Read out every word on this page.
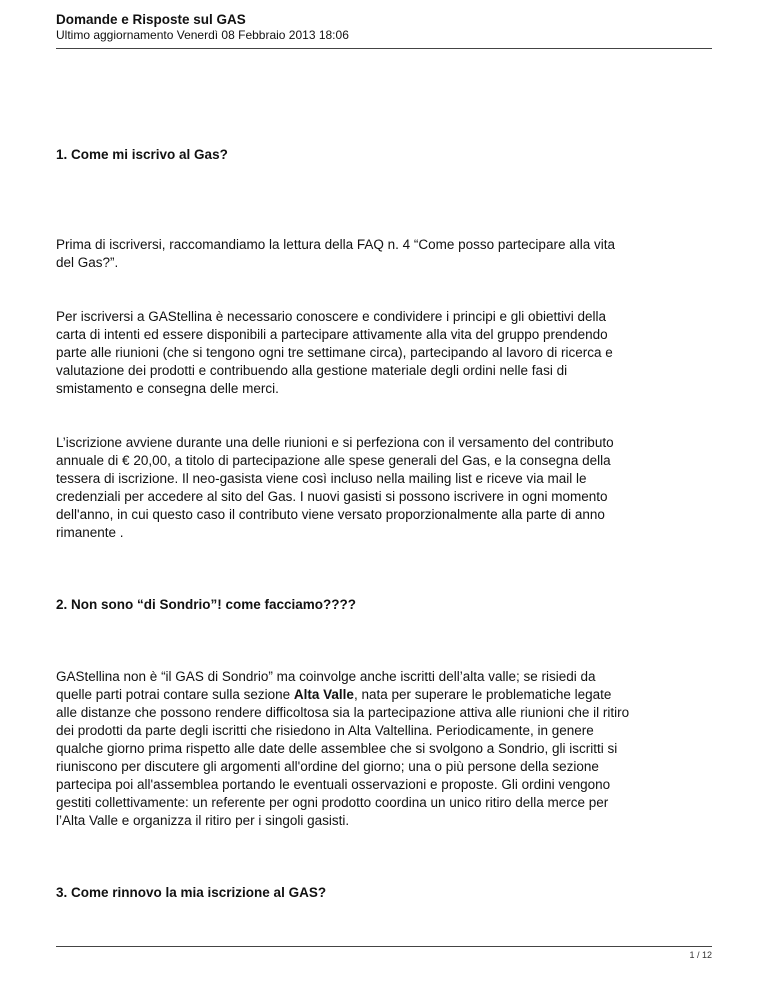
Domande e Risposte sul GAS
Ultimo aggiornamento Venerdì 08 Febbraio 2013 18:06
1. Come mi iscrivo al Gas?
Prima di iscriversi, raccomandiamo la lettura della FAQ n. 4 “Come posso partecipare alla vita
del Gas?”.
Per iscriversi a GAStellina è necessario conoscere e condividere i principi e gli obiettivi della
carta di intenti ed essere disponibili a partecipare attivamente alla vita del gruppo prendendo
parte alle riunioni (che si tengono ogni tre settimane circa), partecipando al lavoro di ricerca e
valutazione dei prodotti e contribuendo alla gestione materiale degli ordini nelle fasi di
smistamento e consegna delle merci.
L’iscrizione avviene durante una delle riunioni e si perfeziona con il versamento del contributo
annuale di € 20,00, a titolo di partecipazione alle spese generali del Gas, e la consegna della
tessera di iscrizione. Il neo-gasista viene così incluso nella mailing list e riceve via mail le
credenziali per accedere al sito del Gas. I nuovi gasisti si possono iscrivere in ogni momento
dell'anno, in cui questo caso il contributo viene versato proporzionalmente alla parte di anno
rimanente .
2. Non sono “di Sondrio”! come facciamo????
GAStellina non è “il GAS di Sondrio” ma coinvolge anche iscritti dell’alta valle; se risiedi da
quelle parti potrai contare sulla sezione Alta Valle, nata per superare le problematiche legate
alle distanze che possono rendere difficoltosa sia la partecipazione attiva alle riunioni che il ritiro
dei prodotti da parte degli iscritti che risiedono in Alta Valtellina. Periodicamente, in genere
qualche giorno prima rispetto alle date delle assemblee che si svolgono a Sondrio, gli iscritti si
riuniscono per discutere gli argomenti all'ordine del giorno; una o più persone della sezione
partecipa poi all'assemblea portando le eventuali osservazioni e proposte. Gli ordini vengono
gestiti collettivamente: un referente per ogni prodotto coordina un unico ritiro della merce per
l’Alta Valle e organizza il ritiro per i singoli gasisti.
3. Come rinnovo la mia iscrizione al GAS?
1 / 12
